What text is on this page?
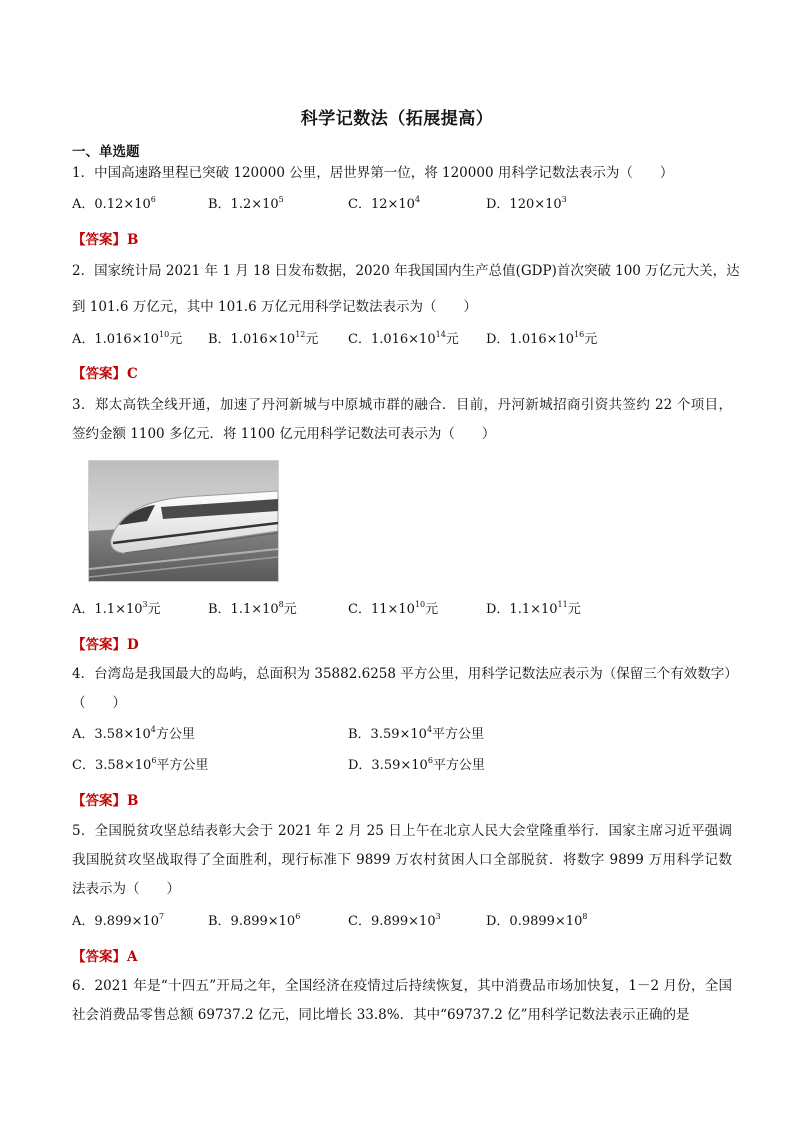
科学记数法（拓展提高）
一、单选题
1．中国高速路里程已突破 120000 公里，居世界第一位，将 120000 用科学记数法表示为（　　）
A．$0.12\times 10^6$	B．$1.2\times 10^5$	C．$12\times 10^4$	D．$120\times 10^3$
【答案】B
2．国家统计局 2021 年 1 月 18 日发布数据，2020 年我国国内生产总值(GDP)首次突破 100 万亿元大关，达
到 101.6 万亿元，其中 101.6 万亿元用科学记数法表示为（　　）
A．$1.016\times 10^{10}$元 B．$1.016\times 10^{12}$元 C．$1.016\times 10^{14}$元 D．$1.016\times 10^{16}$元
【答案】C
3．郑太高铁全线开通，加速了丹河新城与中原城市群的融合．目前，丹河新城招商引资共签约 22 个项目，
签约金额 1100 多亿元．将 1100 亿元用科学记数法可表示为（　　）
A．$1.1\times 10^3$元	B．$1.1\times 10^8$元	C．$11\times 10^{10}$元	D．$1.1\times 10^{11}$元
【答案】D
4．台湾岛是我国最大的岛屿，总面积为 35882.6258 平方公里，用科学记数法应表示为（保留三个有效数字）
（　　）
A．$3.58\times 10^4$方公里	B．$3.59\times 10^4$平方公里
C．$3.58\times 10^6$平方公里	D．$3.59\times 10^6$平方公里
【答案】B
5．全国脱贫攻坚总结表彰大会于 2021 年 2 月 25 日上午在北京人民大会堂隆重举行．国家主席习近平强调
我国脱贫攻坚战取得了全面胜利，现行标准下 9899 万农村贫困人口全部脱贫．将数字 9899 万用科学记数
法表示为（　　）
A．$9.899\times 10^7$	B．$9.899\times 10^6$	C．$9.899\times 10^3$	D．$0.9899\times 10^8$
【答案】A
6．2021 年是“十四五”开局之年，全国经济在疫情过后持续恢复，其中消费品市场加快复，1－2 月份，全国
社会消费品零售总额 69737.2 亿元，同比增长 33.8%．其中“69737.2 亿”用科学记数法表示正确的是
